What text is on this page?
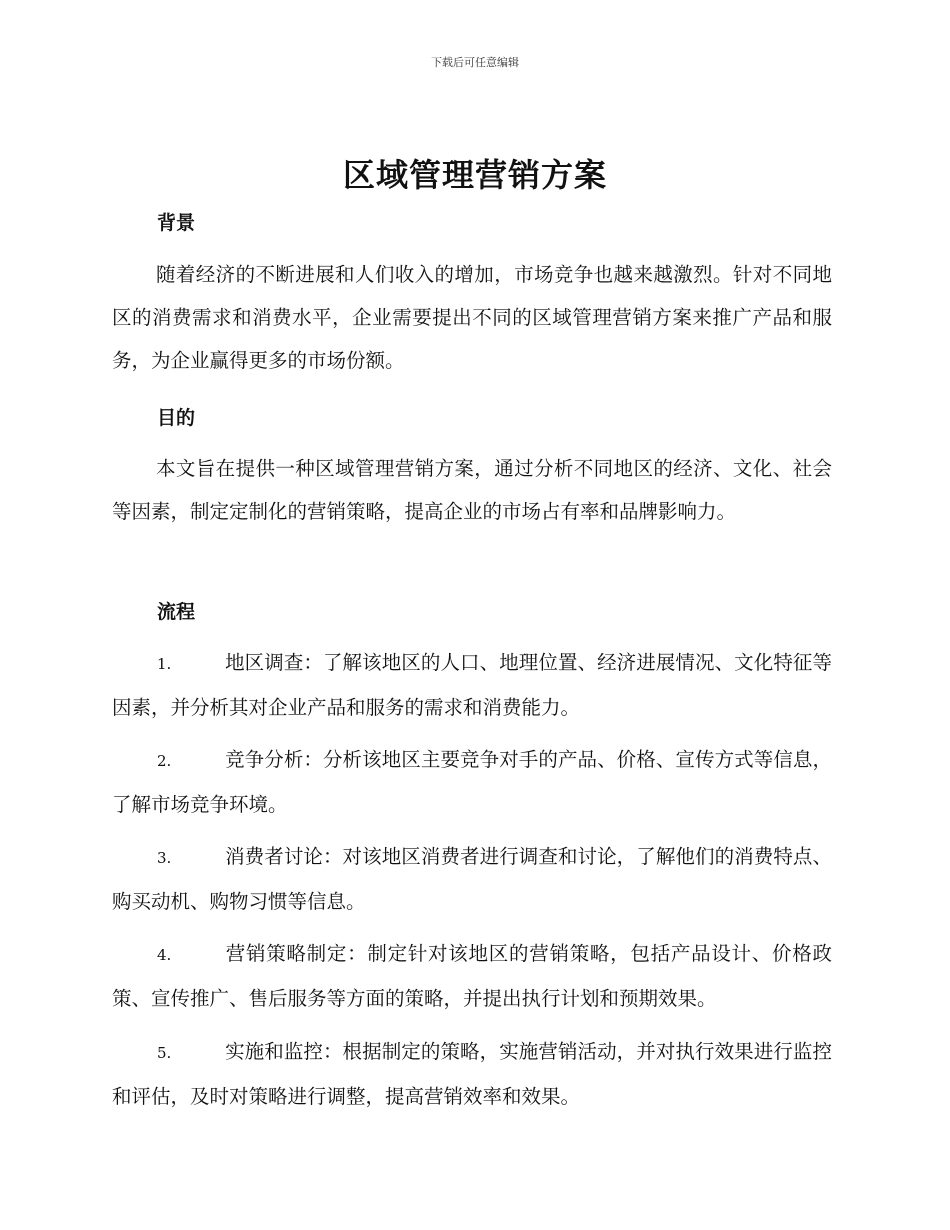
下载后可任意编辑
区域管理营销方案
背景

随着经济的不断进展和人们收入的增加，市场竞争也越来越激烈。针对不同地区的消费需求和消费水平，企业需要提出不同的区域管理营销方案来推广产品和服务，为企业赢得更多的市场份额。

目的

本文旨在提供一种区域管理营销方案，通过分析不同地区的经济、文化、社会等因素，制定定制化的营销策略，提高企业的市场占有率和品牌影响力。

流程

1.	地区调查：了解该地区的人口、地理位置、经济进展情况、文化特征等因素，并分析其对企业产品和服务的需求和消费能力。

2.	竞争分析：分析该地区主要竞争对手的产品、价格、宣传方式等信息，了解市场竞争环境。

3.	消费者讨论：对该地区消费者进行调查和讨论，了解他们的消费特点、购买动机、购物习惯等信息。

4.	营销策略制定：制定针对该地区的营销策略，包括产品设计、价格政策、宣传推广、售后服务等方面的策略，并提出执行计划和预期效果。

5.	实施和监控：根据制定的策略，实施营销活动，并对执行效果进行监控和评估，及时对策略进行调整，提高营销效率和效果。
